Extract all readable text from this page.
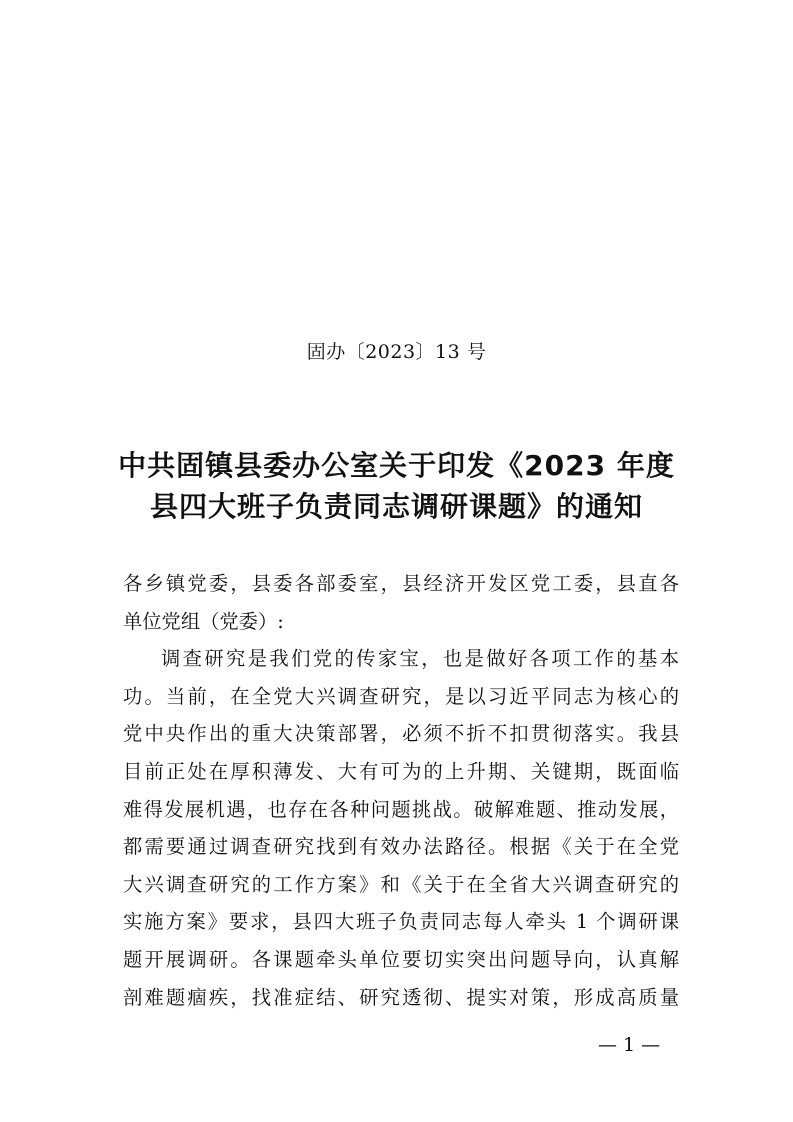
固办〔2023〕13 号
中共固镇县委办公室关于印发《2023 年度
县四大班子负责同志调研课题》的通知
各乡镇党委，县委各部委室，县经济开发区党工委，县直各
单位党组（党委）:
调查研究是我们党的传家宝，也是做好各项工作的基本
功。当前，在全党大兴调查研究，是以习近平同志为核心的
党中央作出的重大决策部署，必须不折不扣贯彻落实。我县
目前正处在厚积薄发、大有可为的上升期、关键期，既面临
难得发展机遇，也存在各种问题挑战。破解难题、推动发展，
都需要通过调查研究找到有效办法路径。根据《关于在全党
大兴调查研究的工作方案》和《关于在全省大兴调查研究的
实施方案》要求，县四大班子负责同志每人牵头 1 个调研课
题开展调研。各课题牵头单位要切实突出问题导向，认真解
剖难题痼疾，找准症结、研究透彻、提实对策，形成高质量
— 1 —
